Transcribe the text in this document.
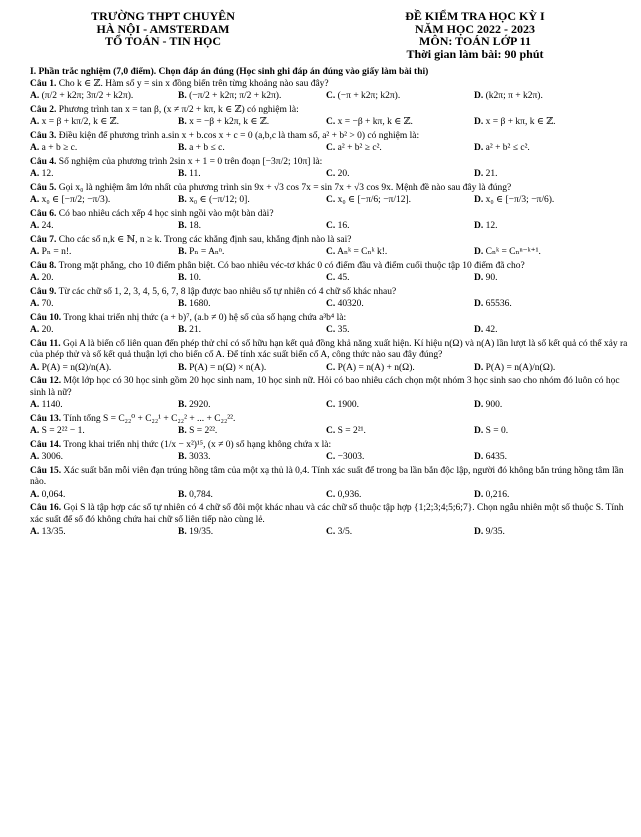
TRƯỜNG THPT CHUYÊN
HÀ NỘI - AMSTERDAM
TỔ TOÁN - TIN HỌC
ĐỀ KIỂM TRA HỌC KỲ I
NĂM HỌC 2022 - 2023
MÔN: TOÁN LỚP 11
Thời gian làm bài: 90 phút
I. Phần trắc nghiệm (7,0 điểm). Chọn đáp án đúng (Học sinh ghi đáp án đúng vào giấy làm bài thi)
Câu 1. Cho k ∈ ℤ. Hàm số y = sin x đồng biến trên từng khoảng nào sau đây?
A. (π/2 + k2π; 3π/2 + k2π).	B. (−π/2 + k2π; π/2 + k2π).	C. (−π + k2π; k2π).	D. (k2π; π + k2π).
Câu 2. Phương trình tan x = tan β, (x ≠ π/2 + kπ, k ∈ ℤ) có nghiệm là:
A. x = β + kπ/2, k ∈ ℤ.	B. x = −β + k2π, k ∈ ℤ.	C. x = −β + kπ, k ∈ ℤ.	D. x = β + kπ, k ∈ ℤ.
Câu 3. Điều kiện để phương trình a.sin x + b.cos x + c = 0 (a,b,c là tham số, a² + b² > 0) có nghiệm là:
A. a + b ≥ c.	B. a + b ≤ c.	C. a² + b² ≥ c².	D. a² + b² ≤ c².
Câu 4. Số nghiệm của phương trình 2sin x + 1 = 0 trên đoạn [−3π/2; 10π] là:
A. 12.	B. 11.	C. 20.	D. 21.
Câu 5. Gọi x₀ là nghiệm âm lớn nhất của phương trình sin 9x + √3 cos 7x = sin 7x + √3 cos 9x. Mệnh đề nào sau đây là đúng?
A. x₀ ∈ [−π/2; −π/3).	B. x₀ ∈ (−π/12; 0].	C. x₀ ∈ [−π/6; −π/12].	D. x₀ ∈ [−π/3; −π/6).
Câu 6. Có bao nhiêu cách xếp 4 học sinh ngồi vào một bàn dài?
A. 24.	B. 18.	C. 16.	D. 12.
Câu 7. Cho các số n,k ∈ ℕ, n ≥ k. Trong các khẳng định sau, khẳng định nào là sai?
A. Pₙ = n!.	B. Pₙ = Aₙⁿ.	C. Aₙᵏ = Cₙᵏ k!.	D. Cₙᵏ = Cₙⁿ⁻ᵏ⁺¹.
Câu 8. Trong mặt phẳng, cho 10 điểm phân biệt. Có bao nhiêu véc-tơ khác 0 có điểm đầu và điểm cuối thuộc tập 10 điểm đã cho?
A. 20.	B. 10.	C. 45.	D. 90.
Câu 9. Từ các chữ số 1, 2, 3, 4, 5, 6, 7, 8 lập được bao nhiêu số tự nhiên có 4 chữ số khác nhau?
A. 70.	B. 1680.	C. 40320.	D. 65536.
Câu 10. Trong khai triển nhị thức (a + b)⁷, (a.b ≠ 0) hệ số của số hạng chứa a³b⁴ là:
A. 20.	B. 21.	C. 35.	D. 42.
Câu 11. Gọi A là biến cố liên quan đến phép thử chỉ có số hữu hạn kết quả đồng khả năng xuất hiện. Kí hiệu n(Ω) và n(A) lần lượt là số kết quả có thể xảy ra của phép thử và số kết quả thuận lợi cho biến cố A. Để tính xác suất biến cố A, công thức nào sau đây đúng?
A. P(A) = n(Ω)/n(A).	B. P(A) = n(Ω) × n(A).	C. P(A) = n(A) + n(Ω).	D. P(A) = n(A)/n(Ω).
Câu 12. Một lớp học có 30 học sinh gồm 20 học sinh nam, 10 học sinh nữ. Hỏi có bao nhiêu cách chọn một nhóm 3 học sinh sao cho nhóm đó luôn có học sinh là nữ?
A. 1140.	B. 2920.	C. 1900.	D. 900.
Câu 13. Tính tổng S = C₂₂⁰ + C₂₂¹ + C₂₂² + ... + C₂₂²².
A. S = 2²² − 1.	B. S = 2²².	C. S = 2²¹.	D. S = 0.
Câu 14. Trong khai triển nhị thức (1/x − x²)¹⁵, (x ≠ 0) số hạng không chứa x là:
A. 3006.	B. 3033.	C. −3003.	D. 6435.
Câu 15. Xác suất bắn mỗi viên đạn trúng hồng tâm của một xạ thủ là 0,4. Tính xác suất để trong ba lần bắn độc lập, người đó không bắn trúng hồng tâm lần nào.
A. 0,064.	B. 0,784.	C. 0,936.	D. 0,216.
Câu 16. Gọi S là tập hợp các số tự nhiên có 4 chữ số đôi một khác nhau và các chữ số thuộc tập hợp {1;2;3;4;5;6;7}. Chọn ngẫu nhiên một số thuộc S. Tính xác suất để số đó không chứa hai chữ số liên tiếp nào cùng lẻ.
A. 13/35.	B. 19/35.	C. 3/5.	D. 9/35.
